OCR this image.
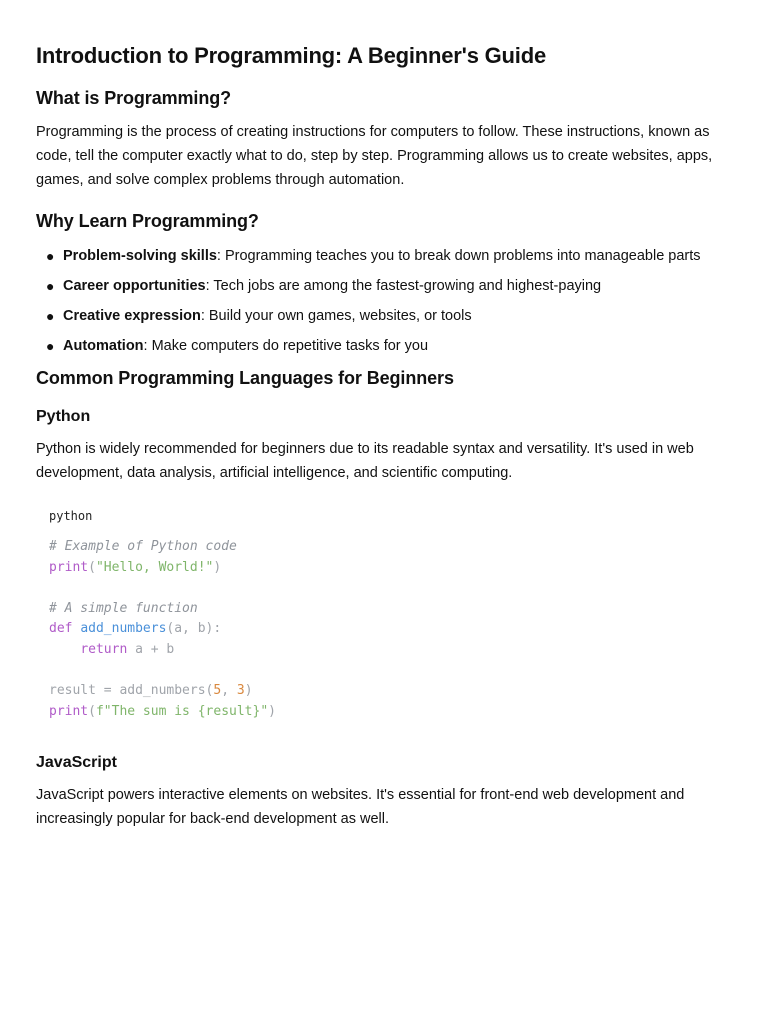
Introduction to Programming: A Beginner's Guide
What is Programming?

Programming is the process of creating instructions for computers to follow. These instructions, known as code, tell the computer exactly what to do, step by step. Programming allows us to create websites, apps, games, and solve complex problems through automation.

Why Learn Programming?
● Problem-solving skills: Programming teaches you to break down problems into manageable parts
● Career opportunities: Tech jobs are among the fastest-growing and highest-paying
● Creative expression: Build your own games, websites, or tools
● Automation: Make computers do repetitive tasks for you
Common Programming Languages for Beginners
Python

Python is widely recommended for beginners due to its readable syntax and versatility. It's used in web development, data analysis, artificial intelligence, and scientific computing.

python
# Example of Python code
print("Hello, World!")

# A simple function
def add_numbers(a, b):
return a + b

result = add_numbers(5, 3)
print(f"The sum is {result}")
JavaScript

JavaScript powers interactive elements on websites. It's essential for front-end web development and increasingly popular for back-end development as well.
